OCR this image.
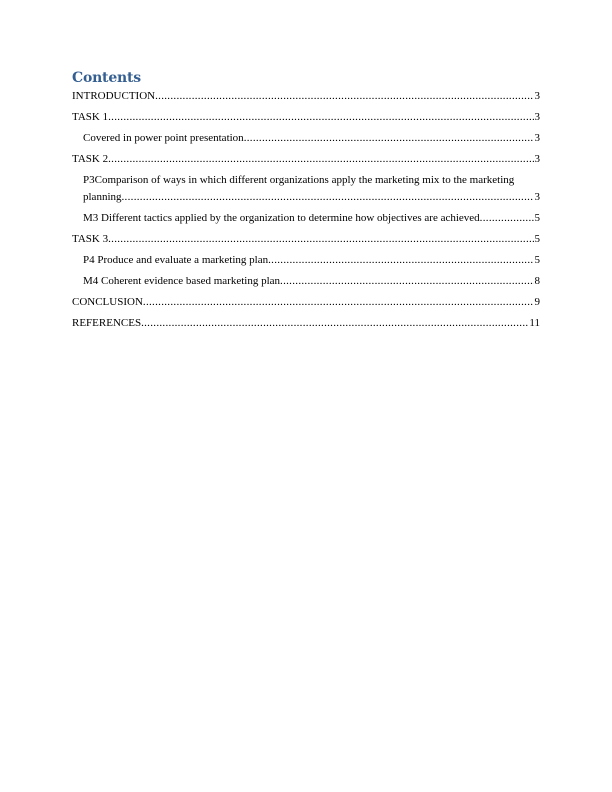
Contents
INTRODUCTION .....	3
TASK 1 .....	3
Covered in power point presentation .....	3
TASK 2 .....	3
P3Comparison of ways in which different organizations apply the marketing mix to the marketing
planning .....	3
M3 Different tactics applied by the organization to determine how objectives are achieved .....	5
TASK 3 .....	5
P4 Produce and evaluate a marketing plan .....	5
M4 Coherent evidence based marketing plan .....	8
CONCLUSION .....	9
REFERENCES .....	11
